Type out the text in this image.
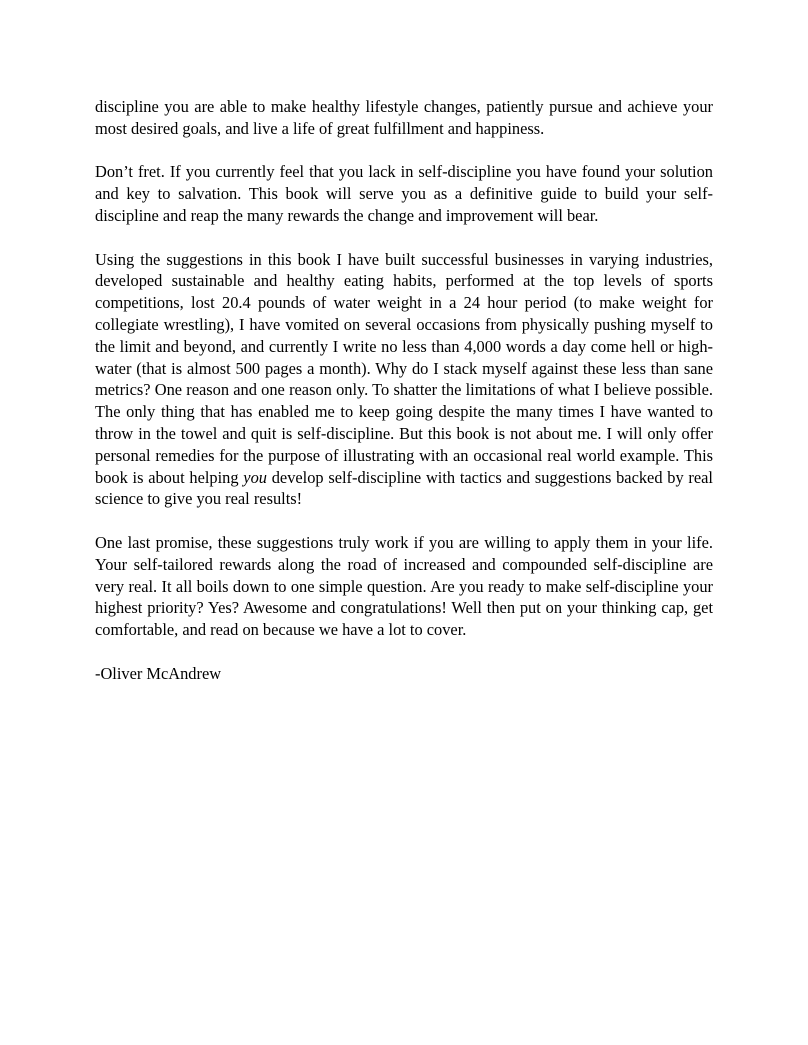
discipline you are able to make healthy lifestyle changes, patiently pursue and achieve your most desired goals, and live a life of great fulfillment and happiness.

Don’t fret. If you currently feel that you lack in self-discipline you have found your solution and key to salvation. This book will serve you as a definitive guide to build your self-discipline and reap the many rewards the change and improvement will bear.

Using the suggestions in this book I have built successful businesses in varying industries, developed sustainable and healthy eating habits, performed at the top levels of sports competitions, lost 20.4 pounds of water weight in a 24 hour period (to make weight for collegiate wrestling), I have vomited on several occasions from physically pushing myself to the limit and beyond, and currently I write no less than 4,000 words a day come hell or high-water (that is almost 500 pages a month). Why do I stack myself against these less than sane metrics? One reason and one reason only. To shatter the limitations of what I believe possible. The only thing that has enabled me to keep going despite the many times I have wanted to throw in the towel and quit is self-discipline. But this book is not about me. I will only offer personal remedies for the purpose of illustrating with an occasional real world example. This book is about helping you develop self-discipline with tactics and suggestions backed by real science to give you real results!

One last promise, these suggestions truly work if you are willing to apply them in your life. Your self-tailored rewards along the road of increased and compounded self-discipline are very real. It all boils down to one simple question. Are you ready to make self-discipline your highest priority? Yes? Awesome and congratulations! Well then put on your thinking cap, get comfortable, and read on because we have a lot to cover.

-Oliver McAndrew
